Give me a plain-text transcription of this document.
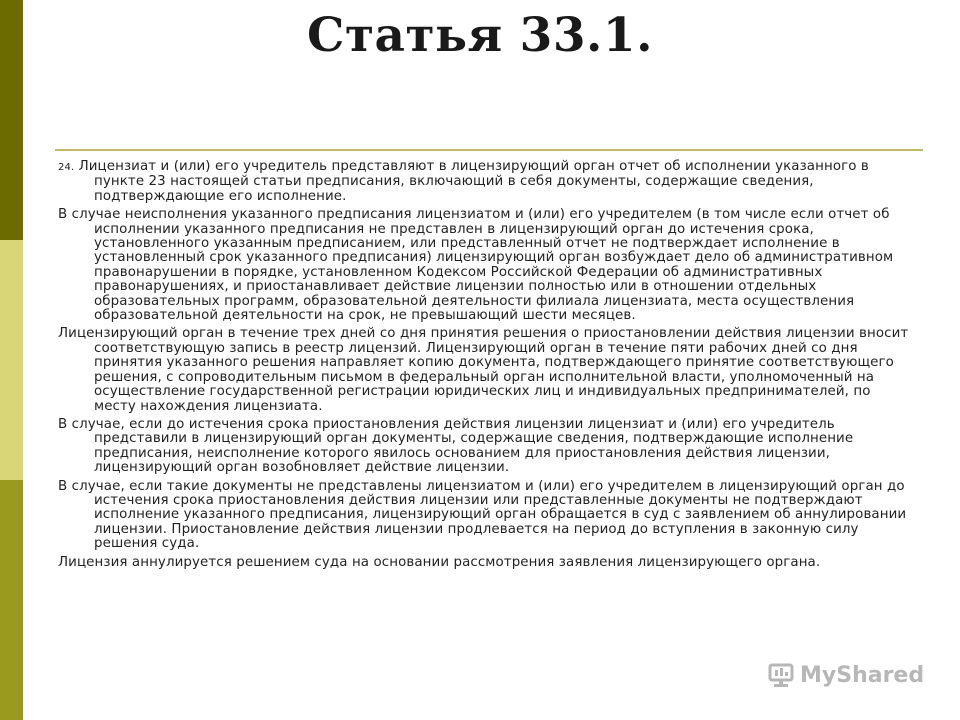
Статья 33.1.

24. Лицензиат и (или) его учредитель представляют в лицензирующий орган отчет об исполнении указанного в пункте 23 настоящей статьи предписания, включающий в себя документы, содержащие сведения, подтверждающие его исполнение.

В случае неисполнения указанного предписания лицензиатом и (или) его учредителем (в том числе если отчет об исполнении указанного предписания не представлен в лицензирующий орган до истечения срока, установленного указанным предписанием, или представленный отчет не подтверждает исполнение в установленный срок указанного предписания) лицензирующий орган возбуждает дело об административном правонарушении в порядке, установленном Кодексом Российской Федерации об административных правонарушениях, и приостанавливает действие лицензии полностью или в отношении отдельных образовательных программ, образовательной деятельности филиала лицензиата, места осуществления образовательной деятельности на срок, не превышающий шести месяцев.

Лицензирующий орган в течение трех дней со дня принятия решения о приостановлении действия лицензии вносит соответствующую запись в реестр лицензий. Лицензирующий орган в течение пяти рабочих дней со дня принятия указанного решения направляет копию документа, подтверждающего принятие соответствующего решения, с сопроводительным письмом в федеральный орган исполнительной власти, уполномоченный на осуществление государственной регистрации юридических лиц и индивидуальных предпринимателей, по месту нахождения лицензиата.

В случае, если до истечения срока приостановления действия лицензии лицензиат и (или) его учредитель представили в лицензирующий орган документы, содержащие сведения, подтверждающие исполнение предписания, неисполнение которого явилось основанием для приостановления действия лицензии, лицензирующий орган возобновляет действие лицензии.

В случае, если такие документы не представлены лицензиатом и (или) его учредителем в лицензирующий орган до истечения срока приостановления действия лицензии или представленные документы не подтверждают исполнение указанного предписания, лицензирующий орган обращается в суд с заявлением об аннулировании лицензии. Приостановление действия лицензии продлевается на период до вступления в законную силу решения суда.

Лицензия аннулируется решением суда на основании рассмотрения заявления лицензирующего органа.

MyShared
